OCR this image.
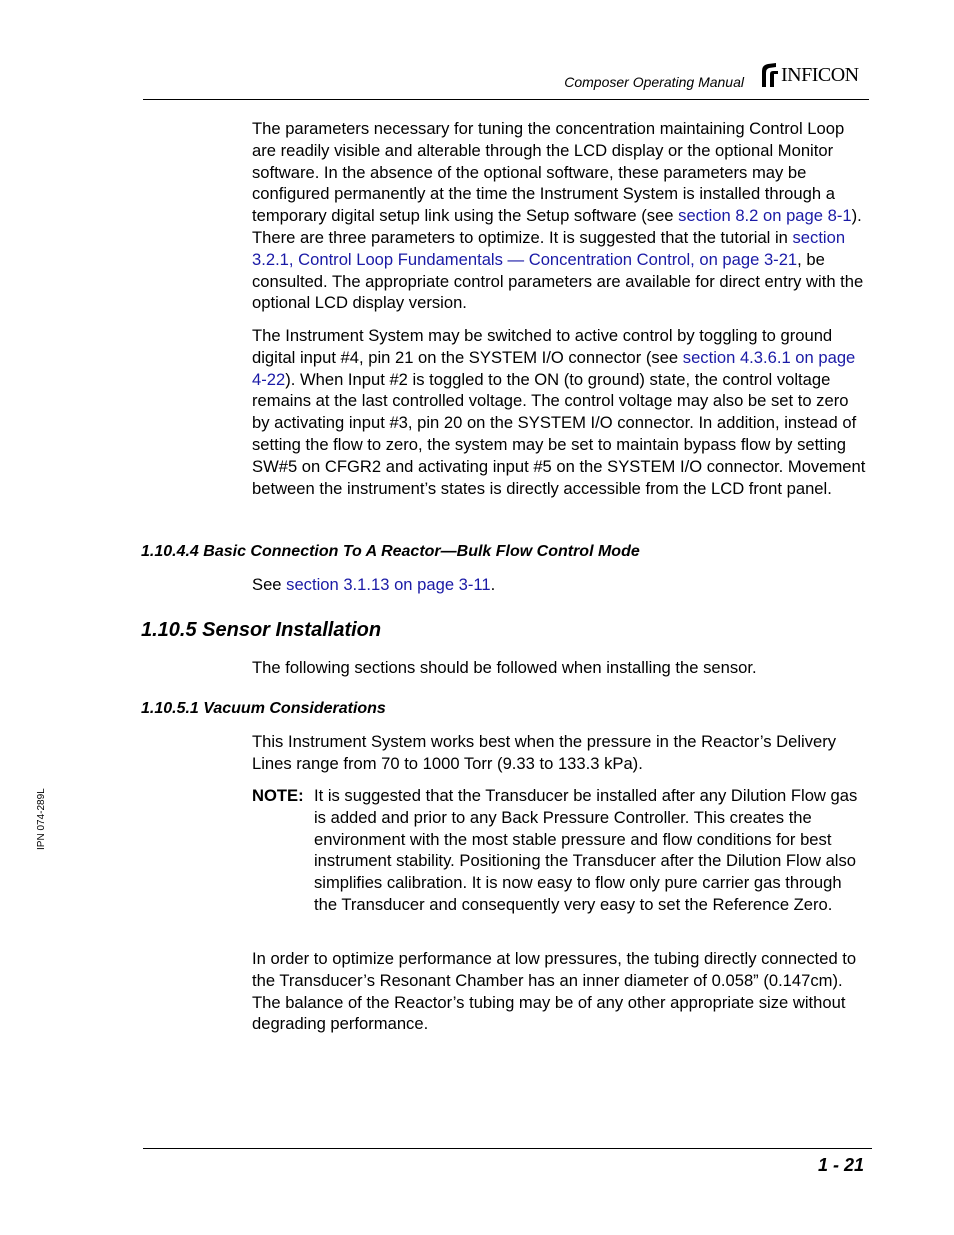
Composer Operating Manual INFICON

The parameters necessary for tuning the concentration maintaining Control Loop are readily visible and alterable through the LCD display or the optional Monitor software. In the absence of the optional software, these parameters may be configured permanently at the time the Instrument System is installed through a temporary digital setup link using the Setup software (see section 8.2 on page 8-1). There are three parameters to optimize. It is suggested that the tutorial in section 3.2.1, Control Loop Fundamentals — Concentration Control, on page 3-21, be consulted. The appropriate control parameters are available for direct entry with the optional LCD display version.

The Instrument System may be switched to active control by toggling to ground digital input #4, pin 21 on the SYSTEM I/O connector (see section 4.3.6.1 on page 4-22). When Input #2 is toggled to the ON (to ground) state, the control voltage remains at the last controlled voltage. The control voltage may also be set to zero by activating input #3, pin 20 on the SYSTEM I/O connector. In addition, instead of setting the flow to zero, the system may be set to maintain bypass flow by setting SW#5 on CFGR2 and activating input #5 on the SYSTEM I/O connector. Movement between the instrument’s states is directly accessible from the LCD front panel.

1.10.4.4 Basic Connection To A Reactor—Bulk Flow Control Mode

See section 3.1.13 on page 3-11.

1.10.5 Sensor Installation

The following sections should be followed when installing the sensor.

1.10.5.1 Vacuum Considerations

This Instrument System works best when the pressure in the Reactor’s Delivery Lines range from 70 to 1000 Torr (9.33 to 133.3 kPa).

NOTE: It is suggested that the Transducer be installed after any Dilution Flow gas is added and prior to any Back Pressure Controller. This creates the environment with the most stable pressure and flow conditions for best instrument stability. Positioning the Transducer after the Dilution Flow also simplifies calibration. It is now easy to flow only pure carrier gas through the Transducer and consequently very easy to set the Reference Zero.

In order to optimize performance at low pressures, the tubing directly connected to the Transducer’s Resonant Chamber has an inner diameter of 0.058” (0.147cm). The balance of the Reactor’s tubing may be of any other appropriate size without degrading performance.

IPN 074-289L
1 - 21
